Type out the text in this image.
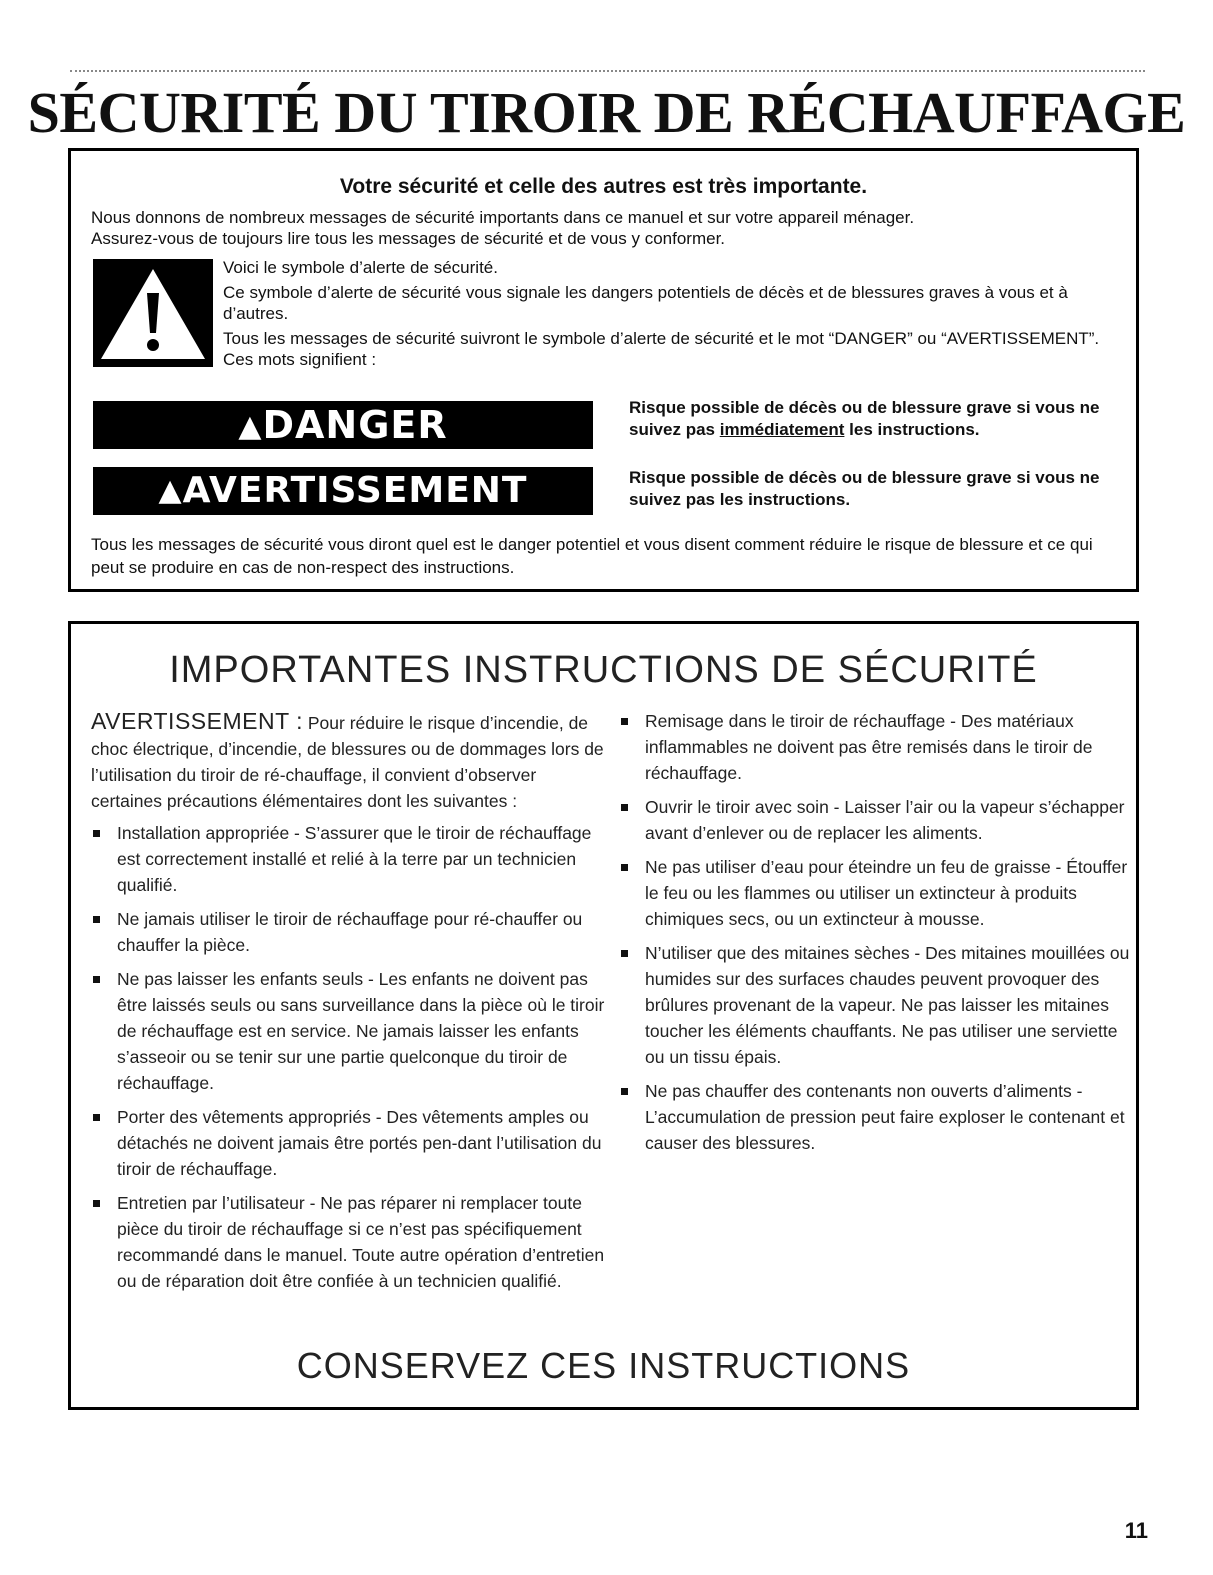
SÉCURITÉ DU TIROIR DE RÉCHAUFFAGE
Votre sécurité et celle des autres est très importante.
Nous donnons de nombreux messages de sécurité importants dans ce manuel et sur votre appareil ménager.
Assurez-vous de toujours lire tous les messages de sécurité et de vous y conformer.

Voici le symbole d’alerte de sécurité.

Ce symbole d’alerte de sécurité vous signale les dangers potentiels de décès et de blessures graves à vous et à d’autres.

Tous les messages de sécurité suivront le symbole d’alerte de sécurité et le mot “DANGER” ou “AVERTISSEMENT”. Ces mots signifient :

▲DANGER	Risque possible de décès ou de blessure grave si vous ne suivez pas immédiatement les instructions.
▲AVERTISSEMENT	Risque possible de décès ou de blessure grave si vous ne suivez pas les instructions.
Tous les messages de sécurité vous diront quel est le danger potentiel et vous disent comment réduire le risque de blessure et ce qui peut se produire en cas de non-respect des instructions.
IMPORTANTES INSTRUCTIONS DE SÉCURITÉ

AVERTISSEMENT : Pour réduire le risque d’incendie, de choc électrique, d’incendie, de blessures ou de dommages lors de l’utilisation du tiroir de ré-chauffage, il convient d’observer certaines précautions élémentaires dont les suivantes :

Installation appropriée - S’assurer que le tiroir de réchauffage est correctement installé et relié à la terre par un technicien qualifié.
Ne jamais utiliser le tiroir de réchauffage pour ré-chauffer ou chauffer la pièce.
Ne pas laisser les enfants seuls - Les enfants ne doivent pas être laissés seuls ou sans surveillance dans la pièce où le tiroir de réchauffage est en service. Ne jamais laisser les enfants s’asseoir ou se tenir sur une partie quelconque du tiroir de réchauffage.
Porter des vêtements appropriés - Des vêtements amples ou détachés ne doivent jamais être portés pen-dant l’utilisation du tiroir de réchauffage.
Entretien par l’utilisateur - Ne pas réparer ni remplacer toute pièce du tiroir de réchauffage si ce n’est pas spécifiquement recommandé dans le manuel. Toute autre opération d’entretien ou de réparation doit être confiée à un technicien qualifié.
Remisage dans le tiroir de réchauffage - Des matériaux inflammables ne doivent pas être remisés dans le tiroir de réchauffage.
Ouvrir le tiroir avec soin - Laisser l’air ou la vapeur s’échapper avant d’enlever ou de replacer les aliments.
Ne pas utiliser d’eau pour éteindre un feu de graisse - Étouffer le feu ou les flammes ou utiliser un extincteur à produits chimiques secs, ou un extincteur à mousse.
N’utiliser que des mitaines sèches - Des mitaines mouillées ou humides sur des surfaces chaudes peuvent provoquer des brûlures provenant de la vapeur. Ne pas laisser les mitaines toucher les éléments chauffants. Ne pas utiliser une serviette ou un tissu épais.
Ne pas chauffer des contenants non ouverts d’aliments - L’accumulation de pression peut faire exploser le contenant et causer des blessures.
CONSERVEZ CES INSTRUCTIONS
11
